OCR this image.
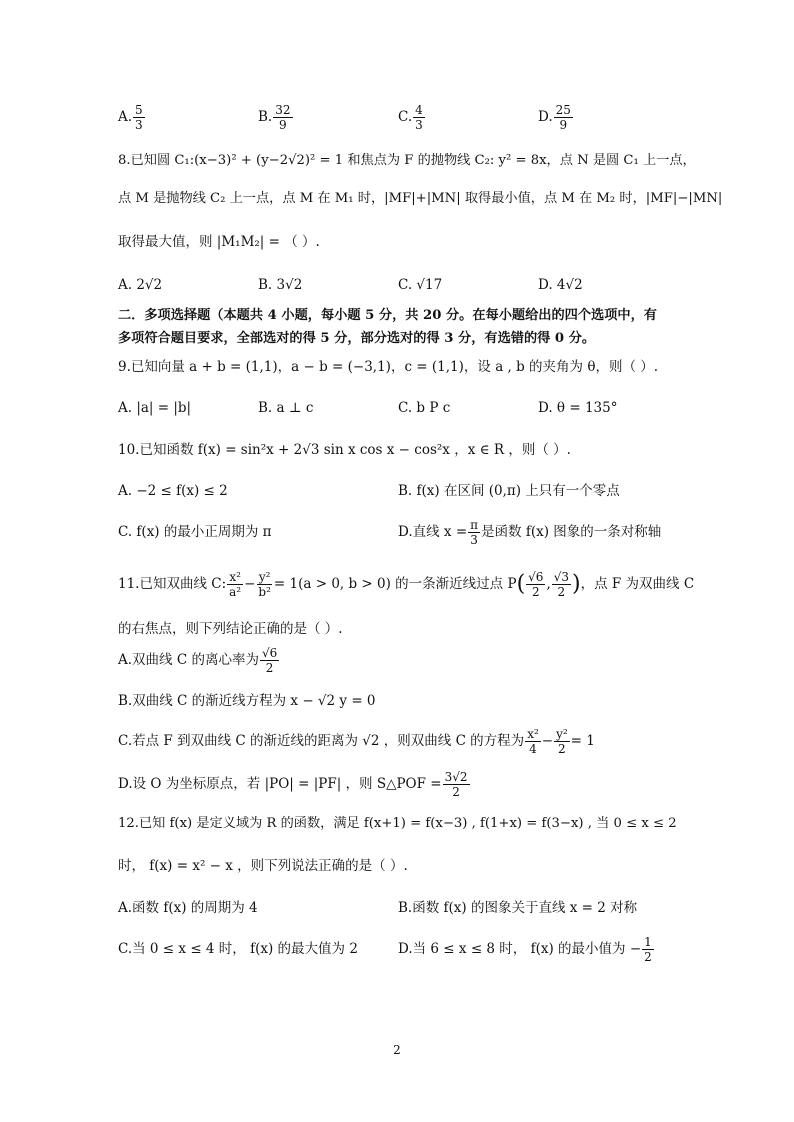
A. $\frac{5}{3}$	B. $\frac{32}{9}$	C. $\frac{4}{3}$	D. $\frac{25}{9}$
8.已知圆 C₁:(x−3)² + (y−2√2)² = 1 和焦点为 F 的抛物线 C₂: y² = 8x，点 N 是圆 C₁ 上一点，
点 M 是抛物线 C₂ 上一点，点 M 在 M₁ 时，|MF|+|MN| 取得最小值，点 M 在 M₂ 时，|MF|−|MN|
取得最大值，则 |M₁M₂| = （ ）.
A. 2√2	B. 3√2	C. √17	D. 4√2
二．多项选择题（本题共 4 小题，每小题 5 分，共 20 分。在每小题给出的四个选项中，有
多项符合题目要求，全部选对的得 5 分，部分选对的得 3 分，有选错的得 0 分。
9.已知向量 a + b = (1,1)，a − b = (−3,1)，c = (1,1)，设 a , b 的夹角为 θ，则（ ）.
A. |a| = |b|	B. a ⊥ c	C. b P c	D. θ = 135°
10.已知函数 f(x) = sin²x + 2√3 sin x cos x − cos²x ，x ∈ R ，则（ ）.
A. −2 ≤ f(x) ≤ 2	B. f(x) 在区间 (0,π) 上只有一个零点
C. f(x) 的最小正周期为 π	D.直线 $x = \frac{\pi}{3}$ 是函数 f(x) 图象的一条对称轴
11.已知双曲线 C: $\frac{\text{x²}}{\text{a²}} - \frac{\text{y²}}{\text{b²}} = 1(a > 0$, b > 0) 的一条渐近线过点 $P( \frac{√6}{2}$ , $\frac{√3}{2}$ )，点 F 为双曲线 C
的右焦点，则下列结论正确的是（ ）.
A.双曲线 C 的离心率为 $\frac{√6}{2}$
B.双曲线 C 的渐近线方程为 x − √2 y = 0
C.若点 F 到双曲线 C 的渐近线的距离为 √2 ，则双曲线 C 的方程为 $\frac{\text{x²}}{4} - \frac{\text{y²}}{2} = 1$
D.设 O 为坐标原点，若 |PO| = |PF| ，则 S△POF = $\frac{3√2}{2}$
12.已知 f(x) 是定义域为 R 的函数，满足 f(x+1) = f(x−3) , f(1+x) = f(3−x) , 当 0 ≤ x ≤ 2
时， f(x) = x² − x ，则下列说法正确的是（ ）.
A.函数 f(x) 的周期为 4	B.函数 f(x) 的图象关于直线 x = 2 对称
C.当 0 ≤ x ≤ 4 时， f(x) 的最大值为 2	D.当 6 ≤ x ≤ 8 时， f(x) 的最小值为 − $\frac{1}{2}$
2
